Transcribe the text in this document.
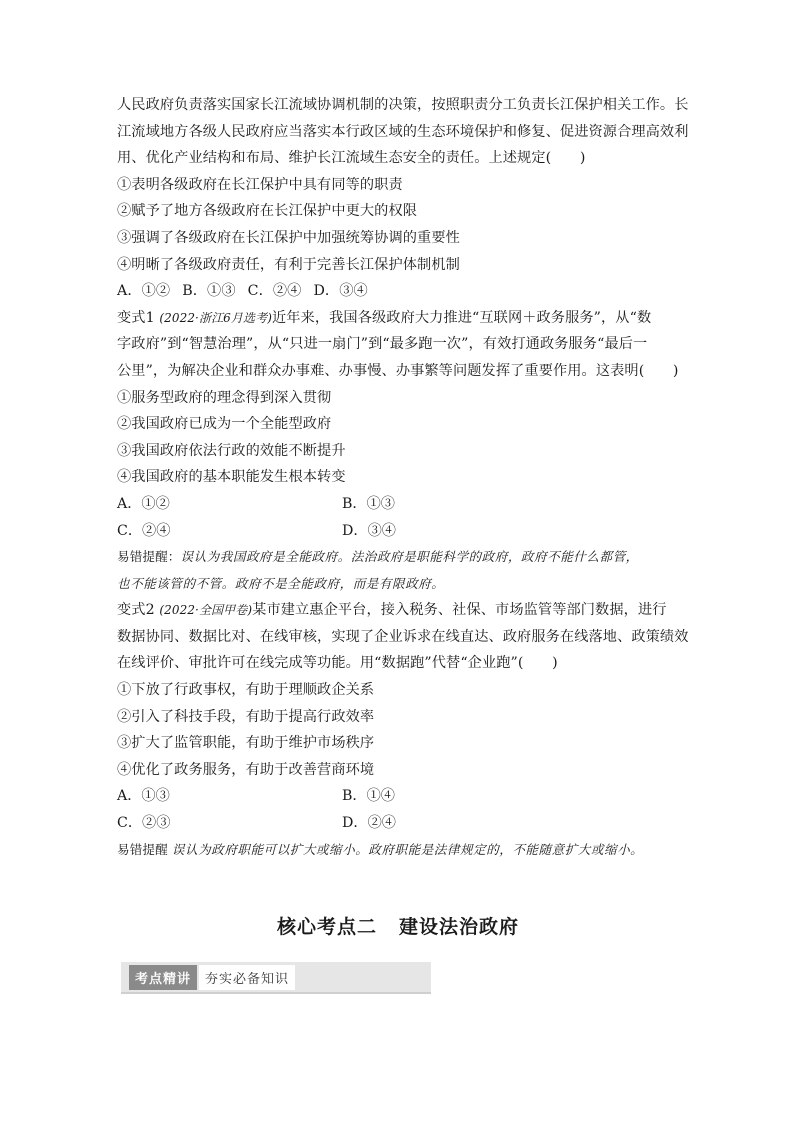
人民政府负责落实国家长江流域协调机制的决策，按照职责分工负责长江保护相关工作。长
江流域地方各级人民政府应当落实本行政区域的生态环境保护和修复、促进资源合理高效利
用、优化产业结构和布局、维护长江流域生态安全的责任。上述规定(　　)
①表明各级政府在长江保护中具有同等的职责
②赋予了地方各级政府在长江保护中更大的权限
③强调了各级政府在长江保护中加强统筹协调的重要性
④明晰了各级政府责任，有利于完善长江保护体制机制
A．①② B．①③ C．②④ D．③④
变式1 (2022·浙江6月选考)近年来，我国各级政府大力推进“互联网＋政务服务”，从“数
字政府”到“智慧治理”，从“只进一扇门”到“最多跑一次”，有效打通政务服务“最后一
公里”，为解决企业和群众办事难、办事慢、办事繁等问题发挥了重要作用。这表明(　　)
①服务型政府的理念得到深入贯彻
②我国政府已成为一个全能型政府
③我国政府依法行政的效能不断提升
④我国政府的基本职能发生根本转变
A．①②	B．①③
C．②④	D．③④
易错提醒：误认为我国政府是全能政府。法治政府是职能科学的政府，政府不能什么都管，
也不能该管的不管。政府不是全能政府，而是有限政府。
变式2 (2022·全国甲卷)某市建立惠企平台，接入税务、社保、市场监管等部门数据，进行
数据协同、数据比对、在线审核，实现了企业诉求在线直达、政府服务在线落地、政策绩效
在线评价、审批许可在线完成等功能。用“数据跑”代替“企业跑”(　　)
①下放了行政事权，有助于理顺政企关系
②引入了科技手段，有助于提高行政效率
③扩大了监管职能，有助于维护市场秩序
④优化了政务服务，有助于改善营商环境
A．①③	B．①④
C．②③	D．②④
易错提醒 误认为政府职能可以扩大或缩小。政府职能是法律规定的，不能随意扩大或缩小。
核心考点二 建设法治政府
考点精讲	夯实必备知识
